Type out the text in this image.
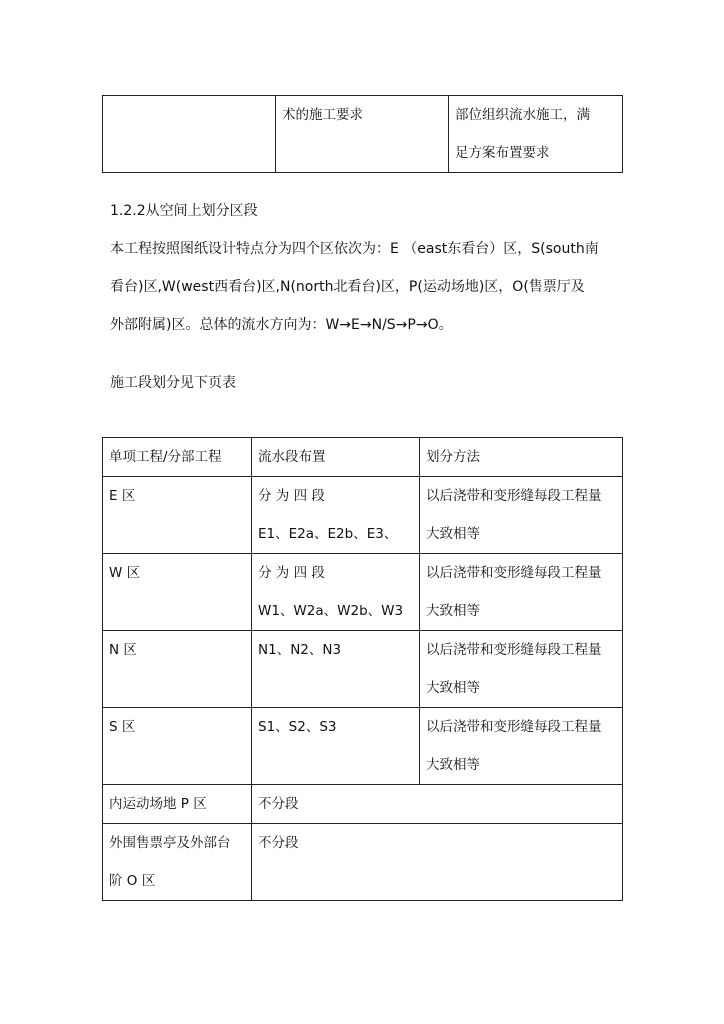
	术的施工要求	部位组织流水施工，满
足方案布置要求

1.2.2从空间上划分区段

本工程按照图纸设计特点分为四个区依次为：E （east东看台）区，S(south南

看台)区,W(west西看台)区,N(north北看台)区，P(运动场地)区，O(售票厅及

外部附属)区。总体的流水方向为：W→E→N/S→P→O。

施工段划分见下页表

单项工程/分部工程	流水段布置	划分方法
E 区	分 为 四 段
E1、E2a、E2b、E3、	以后浇带和变形缝每段工程量
大致相等

W 区	分 为 四 段
W1、W2a、W2b、W3	以后浇带和变形缝每段工程量
大致相等

N 区	N1、N2、N3	以后浇带和变形缝每段工程量
大致相等

S 区	S1、S2、S3	以后浇带和变形缝每段工程量
大致相等

内运动场地 P 区	不分段	

外围售票亭及外部台
阶 O 区	不分段	
